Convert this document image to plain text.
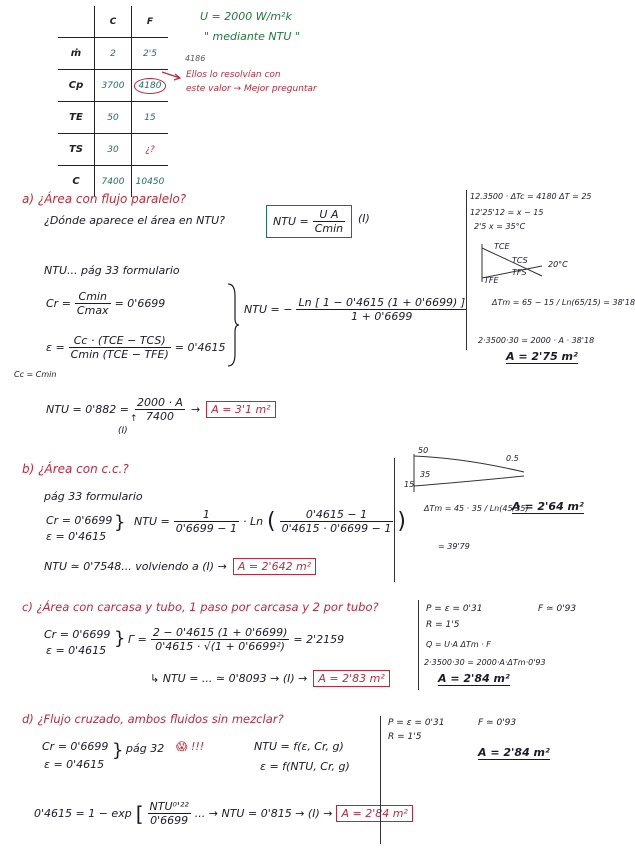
	C	F
ṁ	2	2'5
Cp	3700	4180
TE	50	15
TS	30	¿?
C	7400	10450
U = 2000 W/m²k
" mediante NTU "
4186
Ellos lo resolvían con
este valor → Mejor preguntar
a) ¿Área con flujo paralelo?
¿Dónde aparece el área en NTU?	NTU = $\frac{\text{U A}}{Cmin} (I)$
NTU... pág 33 formulario
$Cr = \frac{Cmin}{Cmax} = 0'6699$
$\varepsilon = \frac{\text{Cc · (TCE − TCS)}}{\text{Cmin (TCE − TFE)}} = 0'4615$
Cc = Cmin
NTU = − $\frac{Ln [ 1 - 0'4615 (1 + 0'6699) ]}{1 + 0'6699}$
NTU = $0'882 = \frac{2000 \cdot A}{7400}$ →	A = 3'1 m²
↑
(I)
12.3500 · ΔTc = 4180 ΔT = 25
12'25'12 = x − 15
2'5 x = 35°C
TCE
TCS
TFS
TFE
20°C
ΔTm = 65 − 15 / Ln(65/15) = 38'18
2·3500·30 = 2000 · A · 38'18
A = 2'75 m²
b) ¿Área con c.c.?
pág 33 formulario
Cr = 0'6699
ε = 0'4615
} NTU = $\frac{1}{0'6699 - 1} \cdot Ln$ ( $\frac{0'4615 - 1}{0'4615 \cdot 0'6699 - 1}$ )
NTU ≃ 0'7548... volviendo a (I) →	A = 2'642 m²
50
35
15
0.5
ΔTm = 45 · 35 / Ln(45/35)
= 39'79
A = 2'64 m²
c) ¿Área con carcasa y tubo, 1 paso por carcasa y 2 por tubo?
Cr = 0'6699
ε = 0'4615
} $\Gamma = \frac{2 - 0'4615 (1 + 0'6699)}{\text{0'4615 · √(1 + 0'6699²)}} = 2'2159$
↳ NTU = ... ≃ 0'8093 → (I) →	A = 2'83 m²
P = ε = 0'31	F ≃ 0'93
R = 1'5
Q = U·A ΔTm · F
2·3500·30 = 2000·A·ΔTm·0'93
A = 2'84 m²
d) ¿Flujo cruzado, ambos fluidos sin mezclar?
Cr = 0'6699
ε = 0'4615
} pág 32 😱 !!!	NTU = f(ε, Cr, g)
ε = f(NTU, Cr, g)
0'4615 = 1 − exp [ $\frac{\text{NTU⁰'²²}}{0'6699}$ ... → NTU = 0'815 → (I) → A = 2'84 m²
P = ε = 0'31	F ≃ 0'93
R = 1'5
A = 2'84 m²
